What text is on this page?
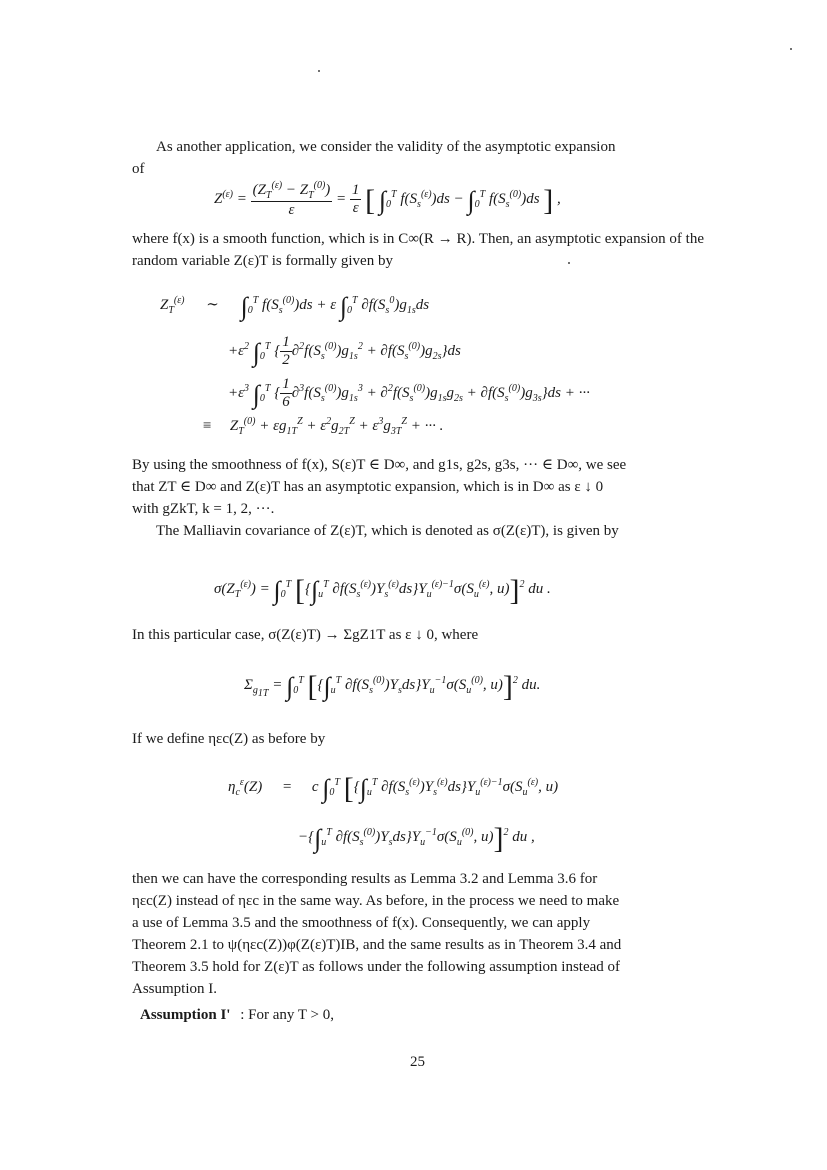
As another application, we consider the validity of the asymptotic expansion
of
$Z^{(\varepsilon)} = \frac{(Z_T^{(\varepsilon)} - Z_T^{(0)})}{\varepsilon} = \frac{1}{\varepsilon}$ [ $\int_0^T$ $f(S_s^{(\varepsilon)})ds - \int_0^T$ $f(S_s^{(0)})ds$ ] ,
where f(x) is a smooth function, which is in C∞(R → R). Then, an asymptotic expansion of the random variable Z(ε)T is formally given by
$Z_T^{(\varepsilon)}$ ∼ $\int_0^T$ $f(S_s^{(0)})ds + \varepsilon$ $\int_0^T$ $\partial f(S_s^0)g_{1s}ds$
$+\varepsilon^2$ $\int_0^T$ { $\frac{1}{2} \partial^2f(S_s^{(0)})g_{1s}^2 + \partial f(S_s^{(0)})g_{2s}\}ds$
$+\varepsilon^3$ $\int_0^T$ { $\frac{1}{6} \partial^3f(S_s^{(0)})g_{1s}^3 + \partial^2f(S_s^{(0)})g_{1s}g_{2s} + \partial f(S_s^{(0)})g_{3s}\}ds$ + ···
≡ $Z_T^{(0)} + \varepsilon g_{1T}^Z + \varepsilon^2g_{2T}^Z + \varepsilon^3g_{3T}^Z$ + ··· .
By using the smoothness of f(x), S(ε)T ∈ D∞, and g1s, g2s, g3s, ··· ∈ D∞, we see
that ZT ∈ D∞ and Z(ε)T has an asymptotic expansion, which is in D∞ as ε ↓ 0
with gZkT, k = 1, 2, ···.
The Malliavin covariance of Z(ε)T, which is denoted as σ(Z(ε)T), is given by
$\sigma(Z_T^{(\varepsilon)}) = \int_0^T$ [{$\int_u^T$ $\partial f(S_s^{(\varepsilon)})Y_s^{(\varepsilon)}ds\}Y_u^{(\varepsilon)-1}\sigma(S_u^{(\varepsilon)}$, u)]$^2$ du .
In this particular case, σ(Z(ε)T) → ΣgZ1T as ε ↓ 0, where
$\Sigma_{g_{1T}} = \int_0^T$ [{$\int_u^T$ $\partial f(S_s^{(0)})Y_sds\}Y_u^{-1}\sigma(S_u^{(0)}$, u)]$^2$ du.
If we define ηεc(Z) as before by
$\eta_c^\varepsilon(Z) = c$ $\int_0^T$ [{$\int_u^T$ $\partial f(S_s^{(\varepsilon)})Y_s^{(\varepsilon)}ds\}Y_u^{(\varepsilon)-1}\sigma(S_u^{(\varepsilon)}$, u)
$-\{\int_u^T$ $\partial f(S_s^{(0)})Y_sds\}Y_u^{-1}\sigma(S_u^{(0)}$, u)]$^2$ du ,
then we can have the corresponding results as Lemma 3.2 and Lemma 3.6 for
ηεc(Z) instead of ηεc in the same way. As before, in the process we need to make
a use of Lemma 3.5 and the smoothness of f(x). Consequently, we can apply
Theorem 2.1 to ψ(ηεc(Z))φ(Z(ε)T)IB, and the same results as in Theorem 3.4 and
Theorem 3.5 hold for Z(ε)T as follows under the following assumption instead of
Assumption I.
Assumption I' : For any T > 0,
25
